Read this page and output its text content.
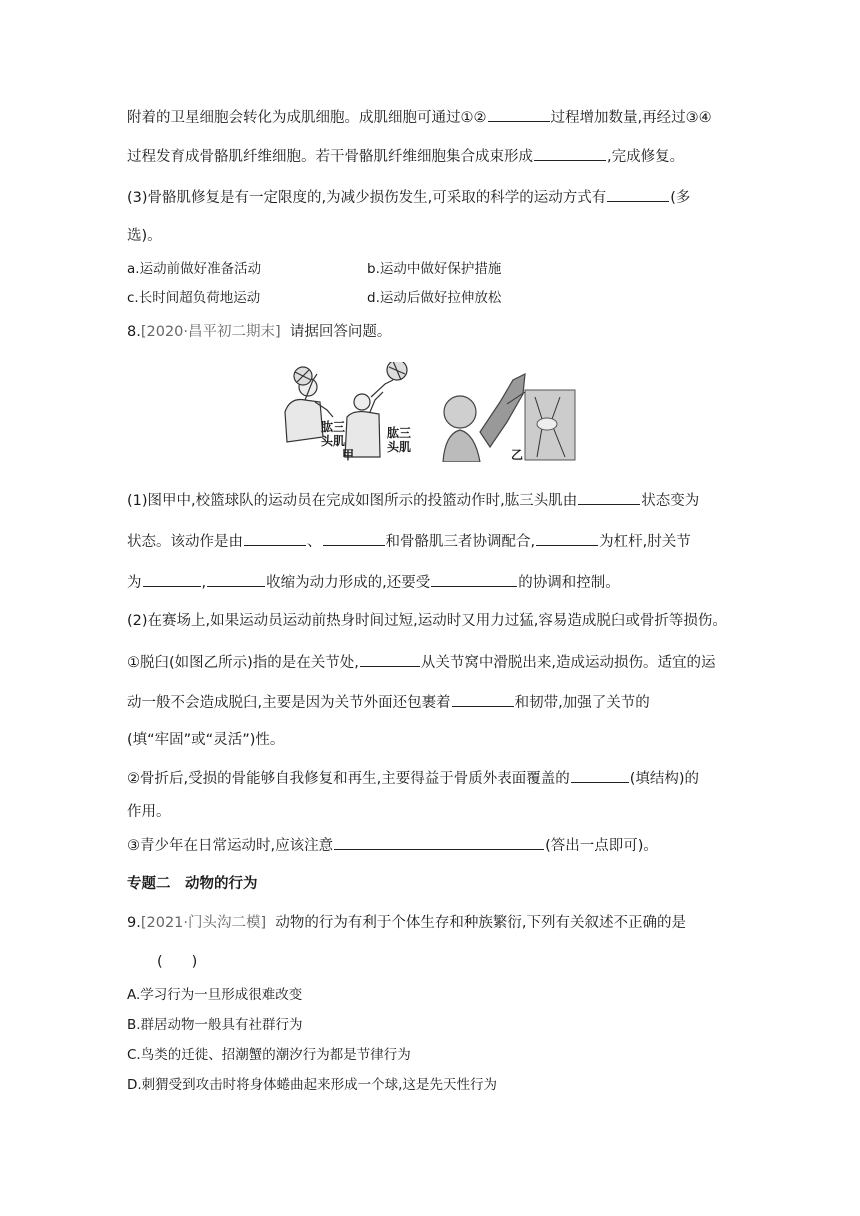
附着的卫星细胞会转化为成肌细胞。成肌细胞可通过①②	过程增加数量,再经过③④
过程发育成骨骼肌纤维细胞。若干骨骼肌纤维细胞集合成束形成	,完成修复。
(3)骨骼肌修复是有一定限度的,为减少损伤发生,可采取的科学的运动方式有	(多
选)。
a.运动前做好准备活动	b.运动中做好保护措施
c.长时间超负荷地运动	d.运动后做好拉伸放松
8.[2020·昌平初二期末] 请据回答问题。
肱三头肌
肱三头肌
甲	乙
(1)图甲中,校篮球队的运动员在完成如图所示的投篮动作时,肱三头肌由	状态变为
状态。该动作是由	、	和骨骼肌三者协调配合,	为杠杆,肘关节
为	,	收缩为动力形成的,还要受	的协调和控制。
(2)在赛场上,如果运动员运动前热身时间过短,运动时又用力过猛,容易造成脱臼或骨折等损伤。
①脱臼(如图乙所示)指的是在关节处,	从关节窝中滑脱出来,造成运动损伤。适宜的运
动一般不会造成脱臼,主要是因为关节外面还包裹着	和韧带,加强了关节的
(填“牢固”或“灵活”)性。
②骨折后,受损的骨能够自我修复和再生,主要得益于骨质外表面覆盖的	(填结构)的
作用。
③青少年在日常运动时,应该注意	(答出一点即可)。
专题二　动物的行为
9.[2021·门头沟二模] 动物的行为有利于个体生存和种族繁衍,下列有关叙述不正确的是
(　　)
A.学习行为一旦形成很难改变
B.群居动物一般具有社群行为
C.鸟类的迁徙、招潮蟹的潮汐行为都是节律行为
D.刺猬受到攻击时将身体蜷曲起来形成一个球,这是先天性行为
